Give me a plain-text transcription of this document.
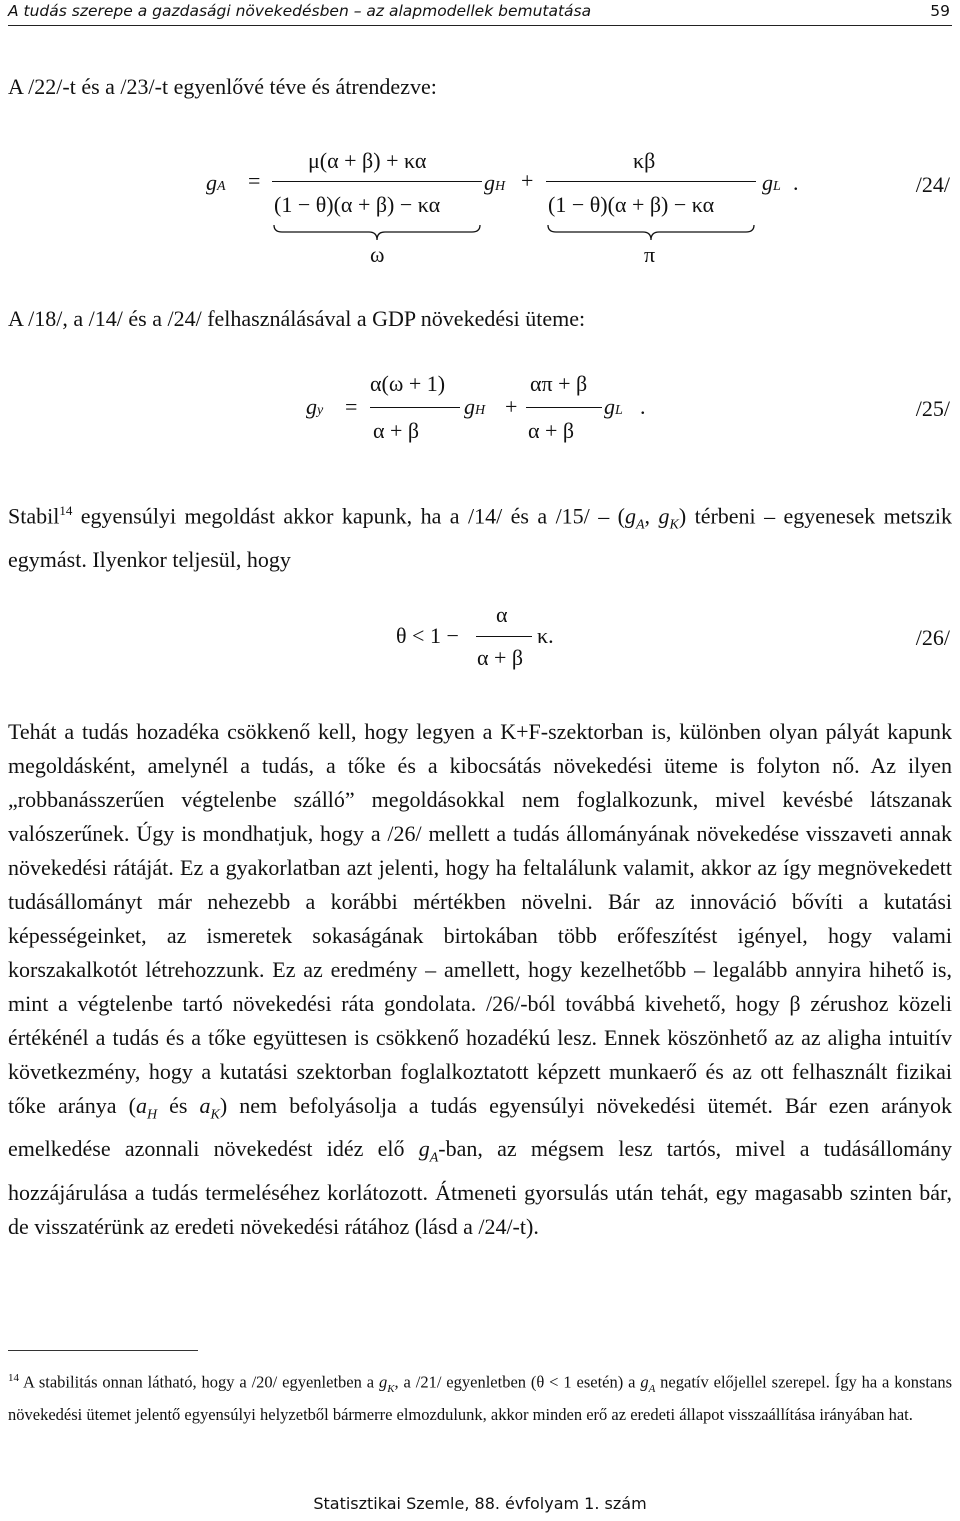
A tudás szerepe a gazdasági növekedésben – az alapmodellek bemutatása	59
A /22/-t és a /23/-t egyenlővé téve és átrendezve:
gA =
μ(α + β) + κα
(1 − θ)(α + β) − κα
gH +
κβ
(1 − θ)(α + β) − κα
gL .	/24/
ω	π
A /18/, a /14/ és a /24/ felhasználásával a GDP növekedési üteme:
gy =
α(ω + 1)
α + β
gH +
απ + β
α + β
gL .	/25/
Stabil$^{14}$ egyensúlyi megoldást akkor kapunk, ha a /14/ és a $/15/ - (g_A$, $g_K$) térbeni – egyenesek metszik egymást. Ilyenkor teljesül, hogy
θ < 1 −
α
α + β
κ.	/26/
Tehát a tudás hozadéka csökkenő kell, hogy legyen a K+F-szektorban is, különben olyan pályát kapunk megoldásként, amelynél a tudás, a tőke és a kibocsátás növekedési üteme is folyton nő. Az ilyen „robbanásszerűen végtelenbe szálló” megoldásokkal nem foglalkozunk, mivel kevésbé látszanak valószerűnek. Úgy is mondhatjuk, hogy a /26/ mellett a tudás állományának növekedése visszaveti annak növekedési rátáját. Ez a gyakorlatban azt jelenti, hogy ha feltalálunk valamit, akkor az így megnövekedett tudásállományt már nehezebb a korábbi mértékben növelni. Bár az innováció bővíti a kutatási képességeinket, az ismeretek sokaságának birtokában több erőfeszítést igényel, hogy valami korszakalkotót létrehozzunk. Ez az eredmény – amellett, hogy kezelhetőbb – legalább annyira hihető is, mint a végtelenbe tartó növekedési ráta gondolata. /26/-ból továbbá kivehető, hogy β zérushoz közeli értékénél a tudás és a tőke együttesen is csökkenő hozadékú lesz. Ennek köszönhető az az aligha intuitív következmény, hogy a kutatási szektorban foglalkoztatott képzett munkaerő és az ott felhasznált fizikai tőke aránya ($a_H$ és $a_K$) nem befolyásolja a tudás egyensúlyi növekedési ütemét. Bár ezen arányok emelkedése azonnali növekedést idéz elő $g_A$-ban, az mégsem lesz tartós, mivel a tudásállomány hozzájárulása a tudás termeléséhez korlátozott. Átmeneti gyorsulás után tehát, egy magasabb szinten bár, de visszatérünk az eredeti növekedési rátához (lásd a /24/-t).
$^{14}$ A stabilitás onnan látható, hogy a /20/ egyenletben a $g_K$, a /21/ egyenletben (θ < 1 esetén) a $g_A$ negatív előjellel szerepel. Így ha a konstans növekedési ütemet jelentő egyensúlyi helyzetből bármerre elmozdulunk, akkor minden erő az eredeti állapot visszaállítása irányában hat.
Statisztikai Szemle, 88. évfolyam 1. szám
